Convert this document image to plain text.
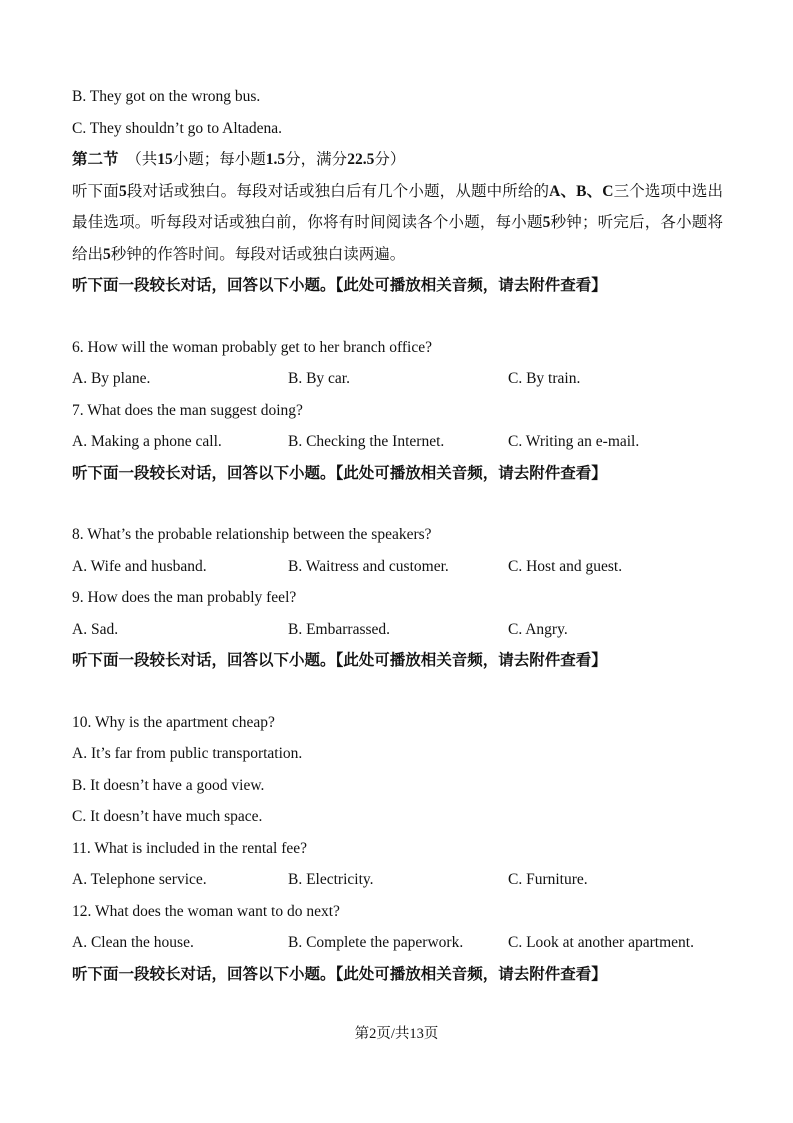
B. They got on the wrong bus.
C. They shouldn’t go to Altadena.
第二节　（共15小题；每小题1.5分，满分22.5分）
听下面5段对话或独白。每段对话或独白后有几个小题，从题中所给的A、B、C三个选项中选出最佳选项。听每段对话或独白前，你将有时间阅读各个小题，每小题5秒钟；听完后，各小题将给出5秒钟的作答时间。每段对话或独白读两遍。
听下面一段较长对话，回答以下小题。【此处可播放相关音频，请去附件查看】
6. How will the woman probably get to her branch office?
A. By plane.	B. By car.	C. By train.
7. What does the man suggest doing?
A. Making a phone call.	B. Checking the Internet.	C. Writing an e-mail.
听下面一段较长对话，回答以下小题。【此处可播放相关音频，请去附件查看】
8. What’s the probable relationship between the speakers?
A. Wife and husband.	B. Waitress and customer.	C. Host and guest.
9. How does the man probably feel?
A. Sad.	B. Embarrassed.	C. Angry.
听下面一段较长对话，回答以下小题。【此处可播放相关音频，请去附件查看】
10. Why is the apartment cheap?
A. It’s far from public transportation.
B. It doesn’t have a good view.
C. It doesn’t have much space.
11. What is included in the rental fee?
A. Telephone service.	B. Electricity.	C. Furniture.
12. What does the woman want to do next?
A. Clean the house.	B. Complete the paperwork.	C. Look at another apartment.
听下面一段较长对话，回答以下小题。【此处可播放相关音频，请去附件查看】
第2页/共13页
